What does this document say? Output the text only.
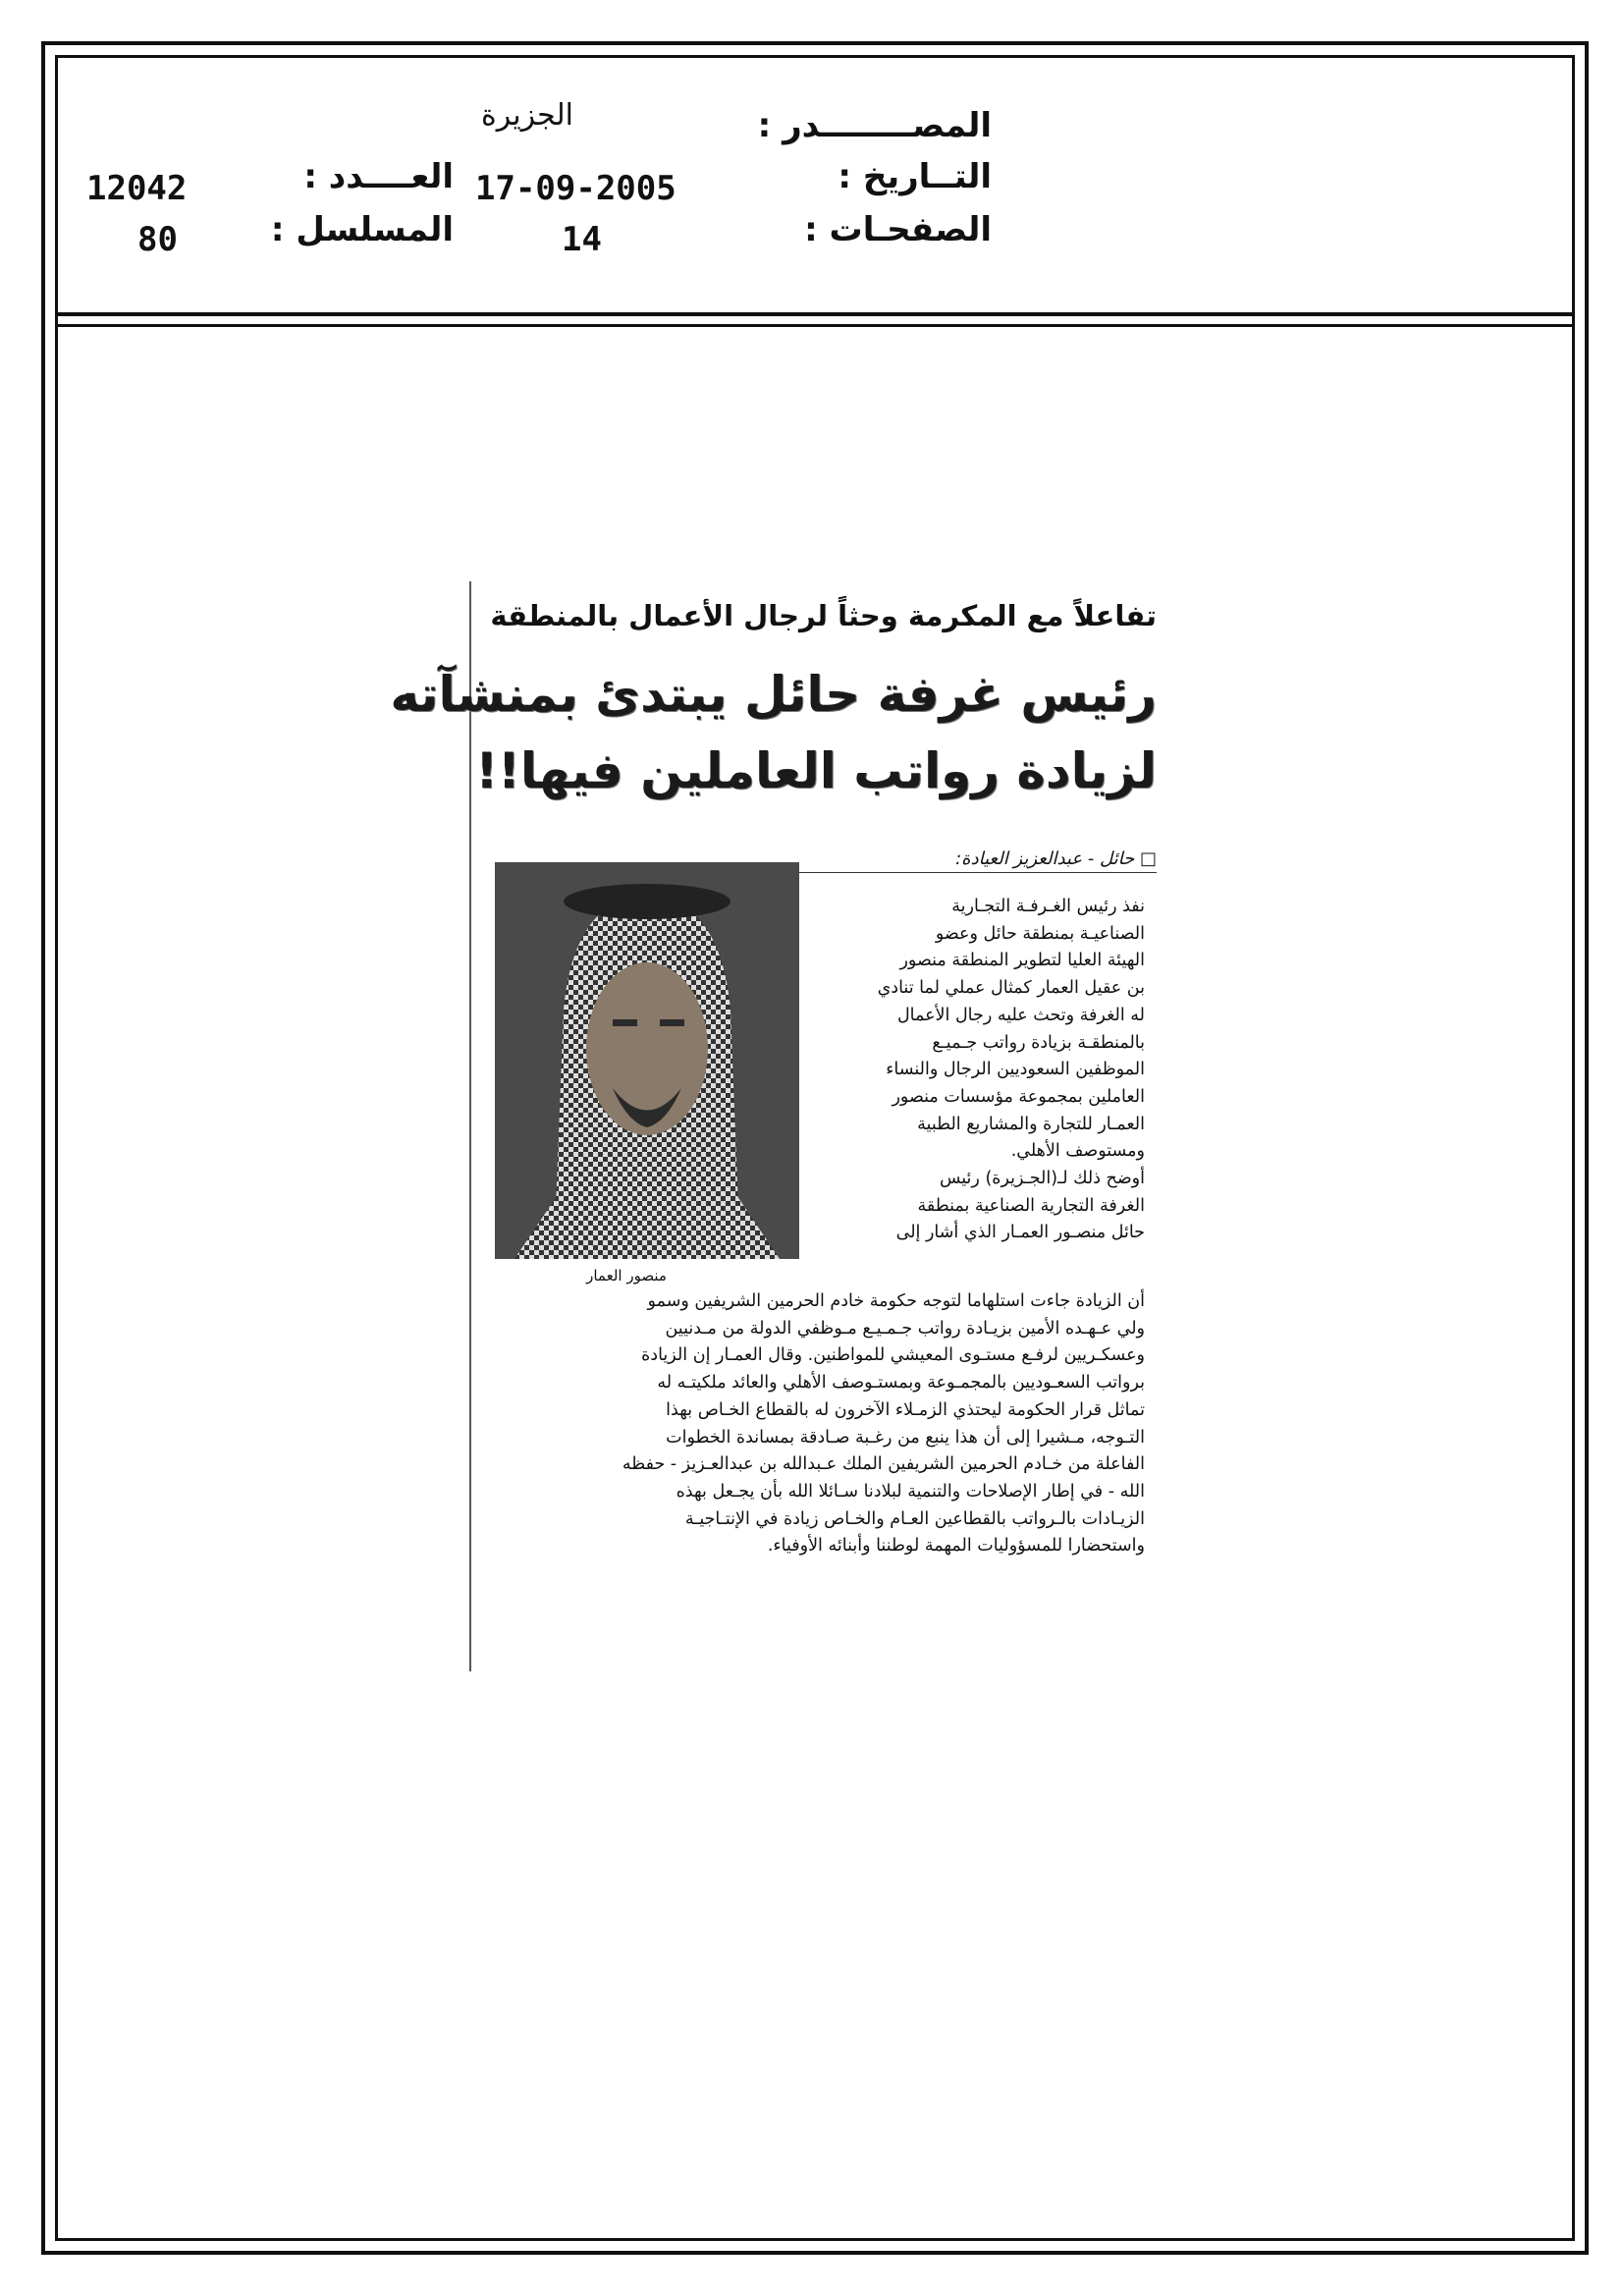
المصــــــــدر :
الجزيرة
التــاريخ :
17-09-2005
العــــدد :
12042
الصفحـات :
14
المسلسل :
80
تفاعلاً مع المكرمة وحثاً لرجال الأعمال بالمنطقة
رئيس غرفة حائل يبتدئ بمنشآته
لزيادة رواتب العاملين فيها!!
□ حائل - عبدالعزيز العيادة:
منصور العمار

نفذ رئيس الغـرفـة التجـارية

الصناعيـة بمنطقة حائل وعضو

الهيئة العليا لتطوير المنطقة منصور

بن عقيل العمار كمثال عملي لما تنادي

له الغرفة وتحث عليه رجال الأعمال

بالمنطقـة بزيادة رواتب جـميـع

الموظفين السعوديين الرجال والنساء

العاملين بمجموعة مؤسسات منصور

العمـار للتجارة والمشاريع الطبية

ومستوصف الأهلي.

أوضح ذلك لـ(الجـزيرة) رئيس

الغرفة التجارية الصناعية بمنطقة

حائل منصـور العمـار الذي أشار إلى

أن الزيادة جاءت استلهاما لتوجه حكومة خادم الحرمين الشريفين وسمو

ولي عـهـده الأمين بزيـادة رواتب جـمـيـع مـوظفي الدولة من مـدنيين

وعسكـريين لرفـع مستـوى المعيشي للمواطنين. وقال العمـار إن الزيادة

برواتب السعـوديين بالمجمـوعة وبمستـوصف الأهلي والعائد ملكيتـه له

تماثل قرار الحكومة ليحتذي الزمـلاء الآخرون له بالقطاع الخـاص بهذا

التـوجه، مـشيرا إلى أن هذا ينبع من رغـبة صـادقة بمساندة الخطوات

الفاعلة من خـادم الحرمين الشريفين الملك عـبدالله بن عبدالعـزيز - حفظه

الله - في إطار الإصلاحات والتنمية لبلادنا سـائلا الله بأن يجـعل بهذه

الزيـادات بالـرواتب بالقطاعين العـام والخـاص زيادة في الإنتـاجيـة

واستحضارا للمسؤوليات المهمة لوطننا وأبنائه الأوفياء.
